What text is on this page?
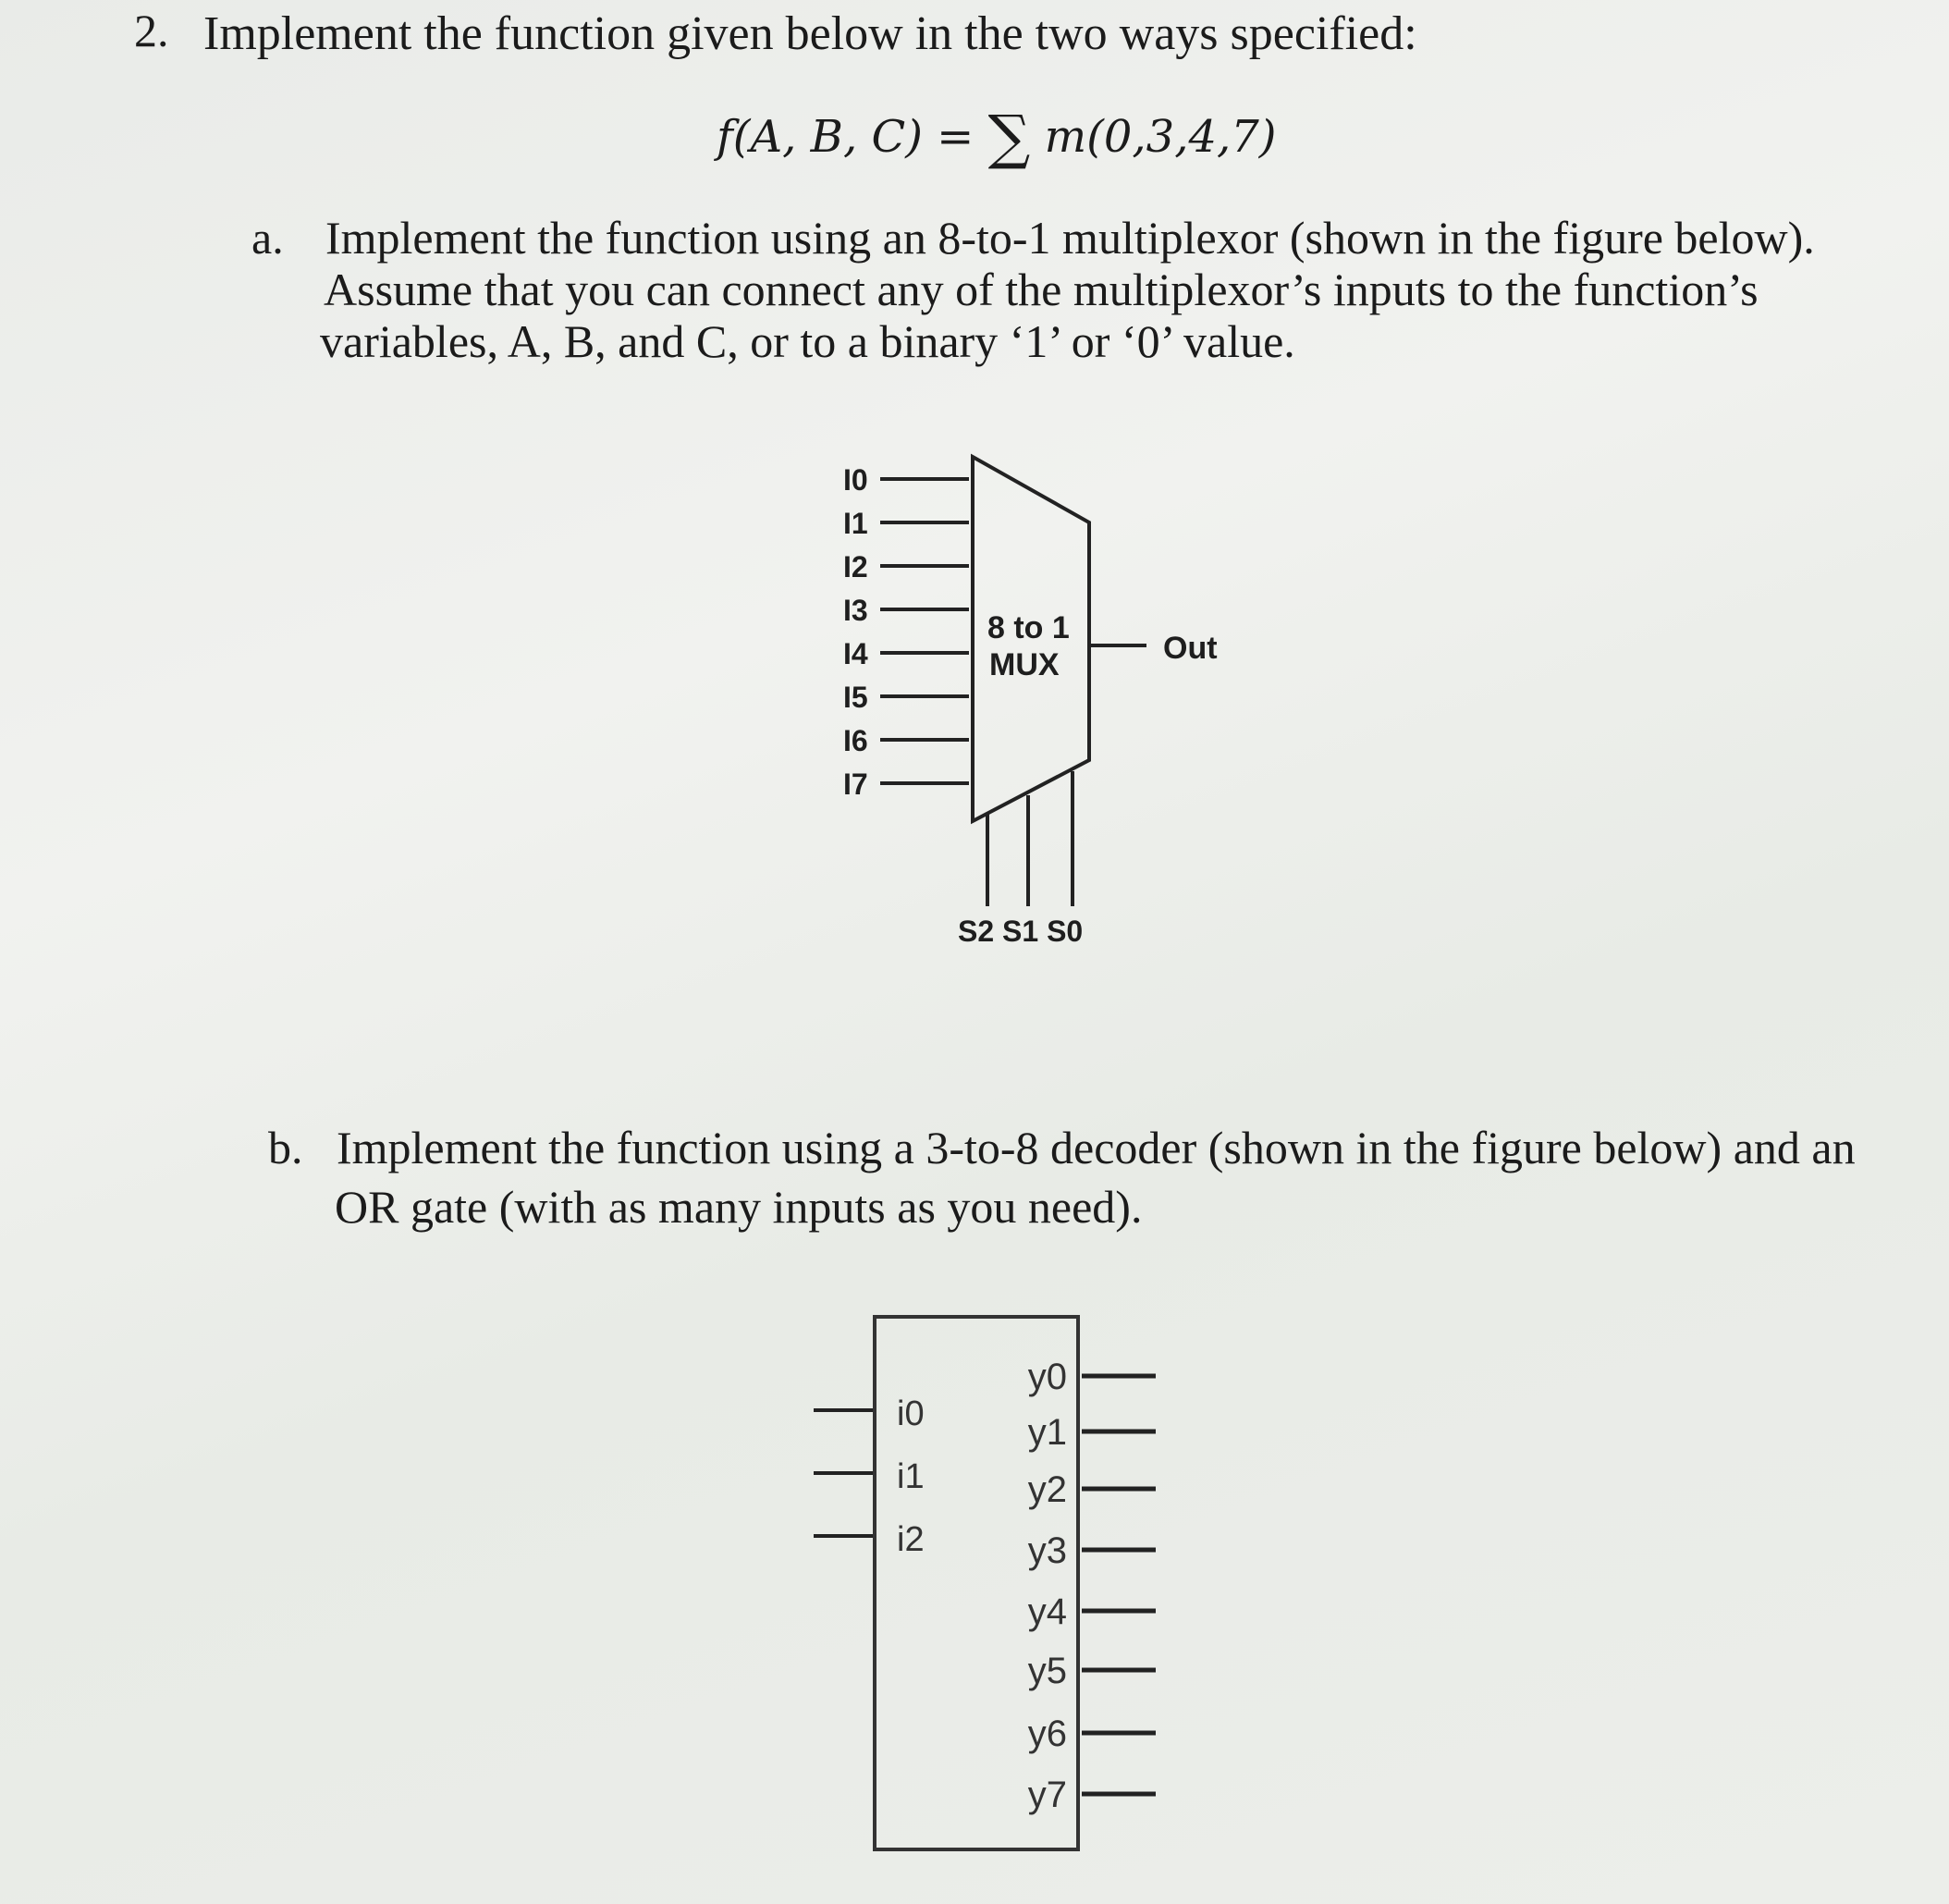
2. Implement the function given below in the two ways specified:
f(A, B, C) = ∑ m(0,3,4,7)
a. Implement the function using an 8-to-1 multiplexor (shown in the figure below).
Assume that you can connect any of the multiplexor’s inputs to the function’s
variables, A, B, and C, or to a binary ‘1’ or ‘0’ value.
I0
I1
I2
I3
I4
I5
I6
I7
8 to 1
MUX	Out
S2 S1 S0
b. Implement the function using a 3-to-8 decoder (shown in the figure below) and an
OR gate (with as many inputs as you need).
i0
i1
i2
y0
y1
y2
y3
y4
y5
y6
y7
